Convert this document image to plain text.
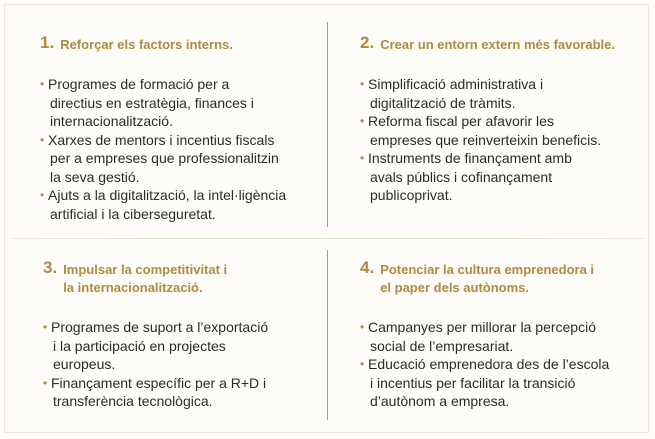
1. Reforçar els factors interns.
• Programes de formació per a
directius en estratègia, finances i
internacionalització.
• Xarxes de mentors i incentius fiscals
per a empreses que professionalitzin
la seva gestió.
• Ajuts a la digitalització, la intel·ligència
artificial i la ciberseguretat.
2. Crear un entorn extern més favorable.
• Simplificació administrativa i
digitalització de tràmits.
• Reforma fiscal per afavorir les
empreses que reinverteixin beneficis.
• Instruments de finançament amb
avals públics i cofinançament
publicoprivat.
3. Impulsar la competitivitat i
la internacionalització.
• Programes de suport a l’exportació
i la participació en projectes
europeus.
• Finançament específic per a R+D i
transferència tecnològica.
4. Potenciar la cultura emprenedora i
el paper dels autònoms.
• Campanyes per millorar la percepció
social de l’empresariat.
• Educació emprenedora des de l’escola
i incentius per facilitar la transició
d’autònom a empresa.
